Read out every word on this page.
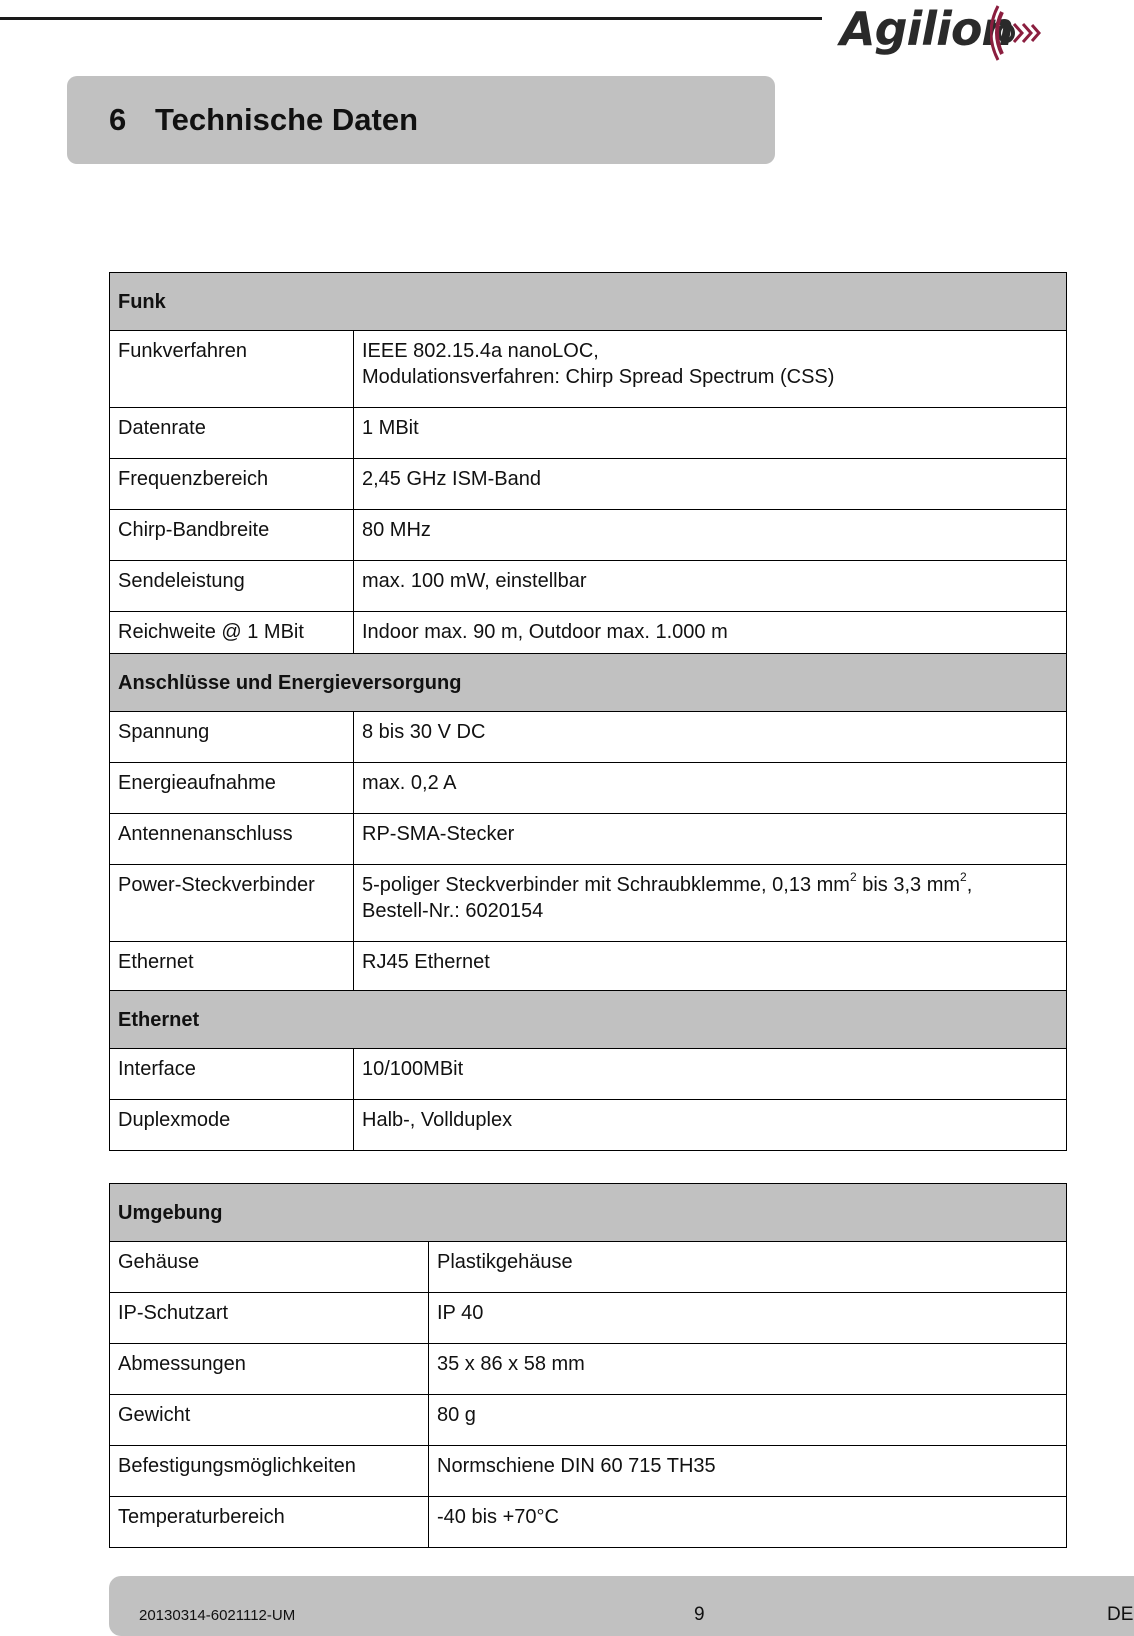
Agilion
6 Technische Daten
Funk	
Funkverfahren	IEEE 802.15.4a nanoLOC,
Modulationsverfahren: Chirp Spread Spectrum (CSS)

Datenrate	1 MBit
Frequenzbereich	2,45 GHz ISM-Band
Chirp-Bandbreite	80 MHz
Sendeleistung	max. 100 mW, einstellbar
Reichweite @ 1 MBit	Indoor max. 90 m, Outdoor max. 1.000 m
Anschlüsse und Energieversorgung	
Spannung	8 bis 30 V DC
Energieaufnahme	max. 0,2 A
Antennenanschluss	RP-SMA-Stecker
Power-Steckverbinder	5-poliger Steckverbinder mit Schraubklemme, 0,13 $mm^2$ bis 3,3 $mm^2$,
Bestell-Nr.: 6020154

Ethernet	RJ45 Ethernet
Ethernet	
Interface	10/100MBit
Duplexmode	Halb-, Vollduplex
Umgebung	
Gehäuse	Plastikgehäuse
IP-Schutzart	IP 40
Abmessungen	35 x 86 x 58 mm
Gewicht	80 g
Befestigungsmöglichkeiten	Normschiene DIN 60 715 TH35
Temperaturbereich	-40 bis +70°C
20130314-6021112-UM	9	DE
